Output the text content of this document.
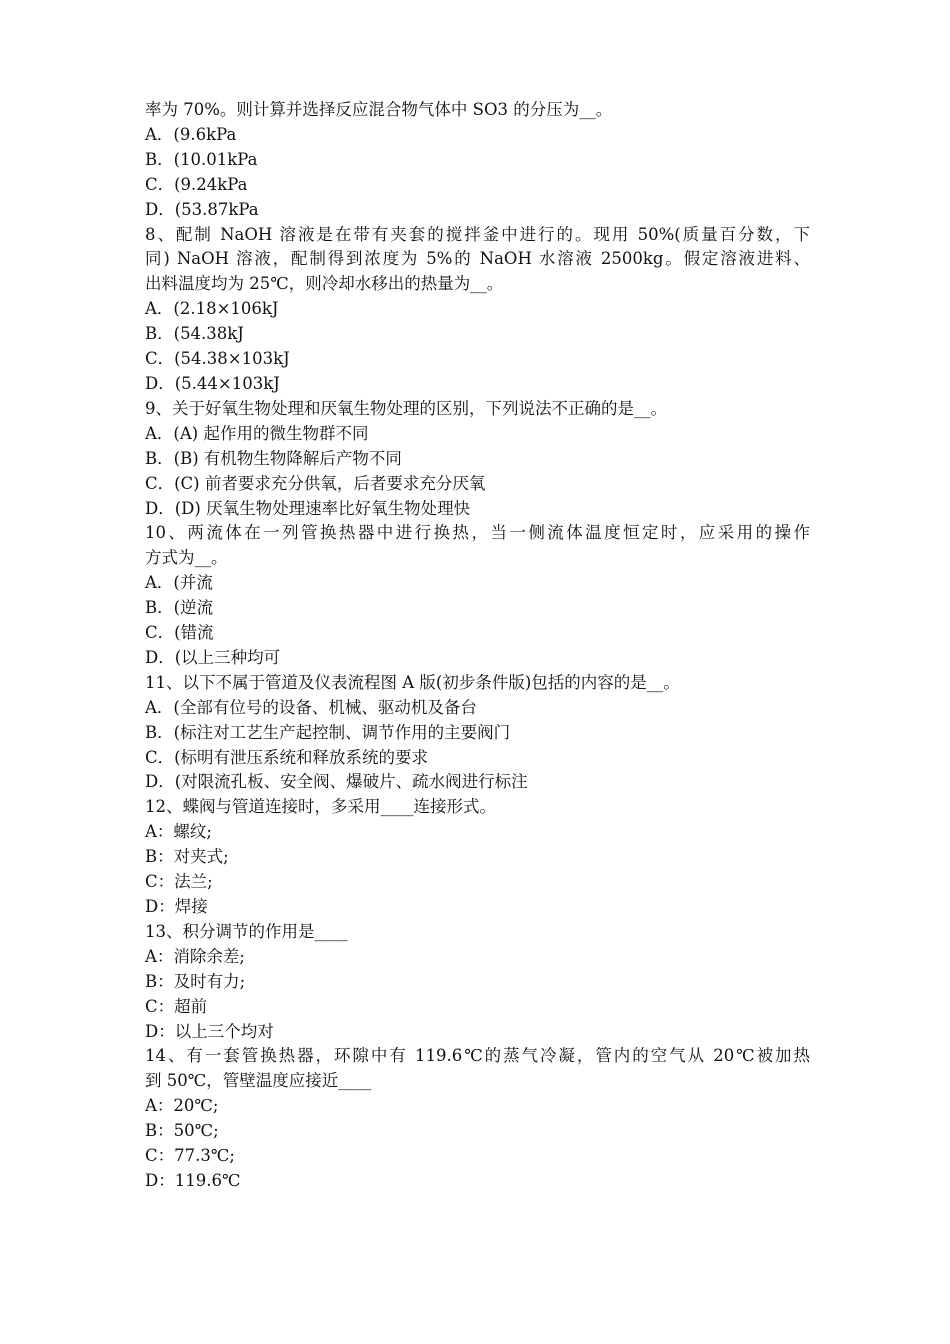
率为 70%。则计算并选择反应混合物气体中 SO3 的分压为__。
A．(9.6kPa
B．(10.01kPa
C．(9.24kPa
D．(53.87kPa
8、配制 NaOH 溶液是在带有夹套的搅拌釜中进行的。现用 50%(质量百分数，下
同) NaOH 溶液，配制得到浓度为 5%的 NaOH 水溶液 2500kg。假定溶液进料、
出料温度均为 25℃，则冷却水移出的热量为__。
A．(2.18×106kJ
B．(54.38kJ
C．(54.38×103kJ
D．(5.44×103kJ
9、关于好氧生物处理和厌氧生物处理的区别，下列说法不正确的是__。
A．(A) 起作用的微生物群不同
B．(B) 有机物生物降解后产物不同
C．(C) 前者要求充分供氧，后者要求充分厌氧
D．(D) 厌氧生物处理速率比好氧生物处理快
10、两流体在一列管换热器中进行换热，当一侧流体温度恒定时，应采用的操作
方式为__。
A．(并流
B．(逆流
C．(错流
D．(以上三种均可
11、以下不属于管道及仪表流程图 A 版(初步条件版)包括的内容的是__。
A．(全部有位号的设备、机械、驱动机及备台
B．(标注对工艺生产起控制、调节作用的主要阀门
C．(标明有泄压系统和释放系统的要求
D．(对限流孔板、安全阀、爆破片、疏水阀进行标注
12、蝶阀与管道连接时，多采用____连接形式。
A：螺纹;
B：对夹式;
C：法兰;
D：焊接
13、积分调节的作用是____
A：消除余差;
B：及时有力;
C：超前
D：以上三个均对
14、有一套管换热器，环隙中有 119.6℃的蒸气冷凝，管内的空气从 20℃被加热
到 50℃，管壁温度应接近____
A：20℃;
B：50℃;
C：77.3℃;
D：119.6℃
